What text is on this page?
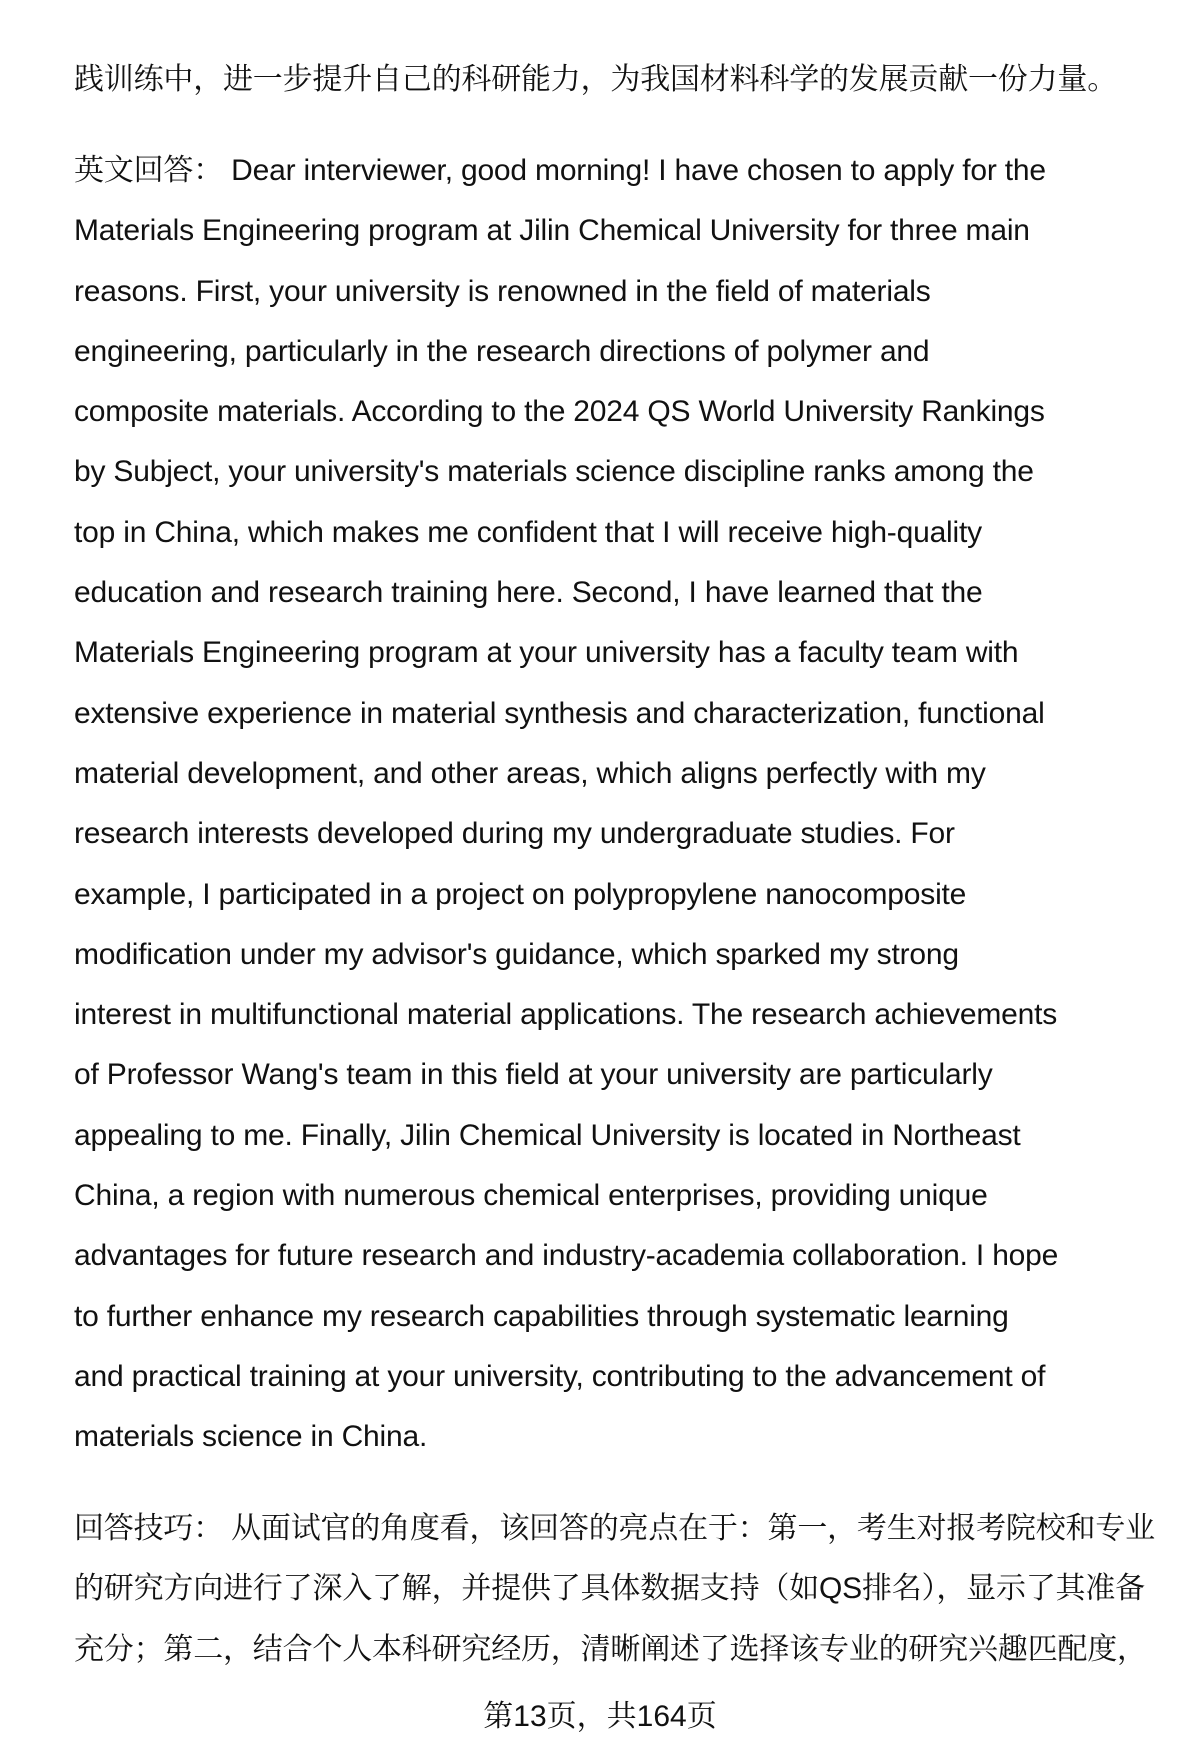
践训练中，进一步提升自己的科研能力，为我国材料科学的发展贡献一份力量。
英文回答： Dear interviewer, good morning! I have chosen to apply for the
Materials Engineering program at Jilin Chemical University for three main
reasons. First, your university is renowned in the field of materials
engineering, particularly in the research directions of polymer and
composite materials. According to the 2024 QS World University Rankings
by Subject, your university's materials science discipline ranks among the
top in China, which makes me confident that I will receive high-quality
education and research training here. Second, I have learned that the
Materials Engineering program at your university has a faculty team with
extensive experience in material synthesis and characterization, functional
material development, and other areas, which aligns perfectly with my
research interests developed during my undergraduate studies. For
example, I participated in a project on polypropylene nanocomposite
modification under my advisor's guidance, which sparked my strong
interest in multifunctional material applications. The research achievements
of Professor Wang's team in this field at your university are particularly
appealing to me. Finally, Jilin Chemical University is located in Northeast
China, a region with numerous chemical enterprises, providing unique
advantages for future research and industry-academia collaboration. I hope
to further enhance my research capabilities through systematic learning
and practical training at your university, contributing to the advancement of
materials science in China.
回答技巧： 从面试官的角度看，该回答的亮点在于：第一，考生对报考院校和专业
的研究方向进行了深入了解，并提供了具体数据支持（如QS排名），显示了其准备
充分；第二，结合个人本科研究经历，清晰阐述了选择该专业的研究兴趣匹配度，
第13页，共164页
